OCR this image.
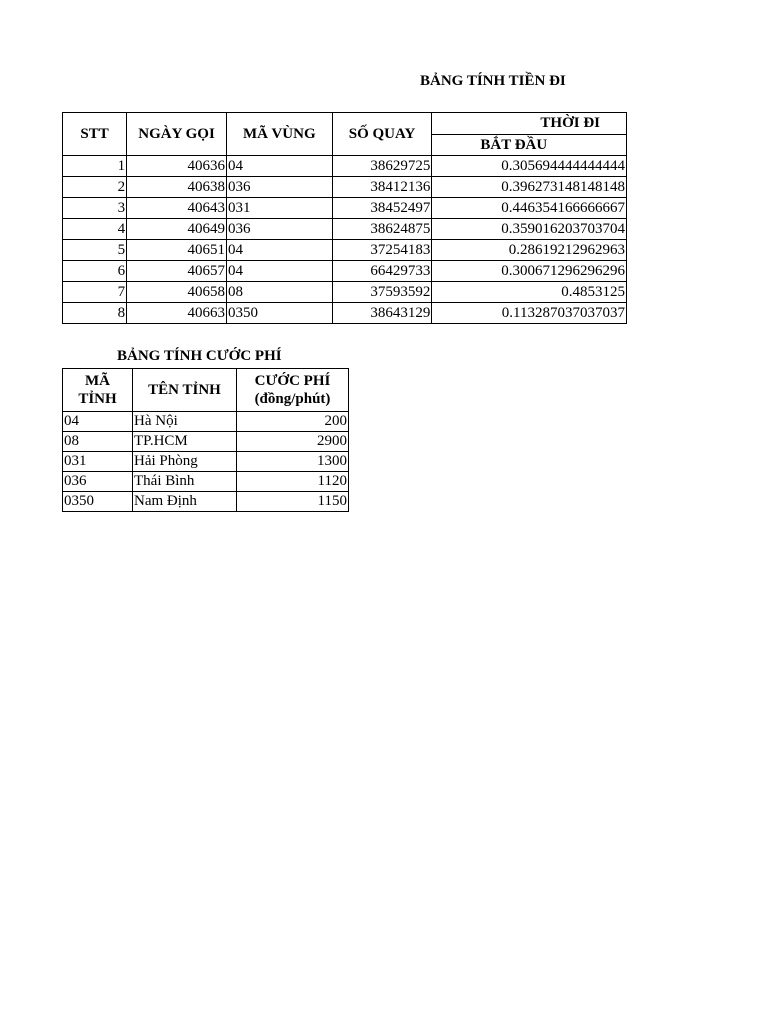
BẢNG TÍNH TIỀN ĐI
STT	NGÀY GỌI	MÃ VÙNG	SỐ QUAY	THỜI ĐI
				BẮT ĐẦU
1	40636	04	38629725	0.305694444444444
2	40638	036	38412136	0.396273148148148
3	40643	031	38452497	0.446354166666667
4	40649	036	38624875	0.359016203703704
5	40651	04	37254183	0.28619212962963
6	40657	04	66429733	0.300671296296296
7	40658	08	37593592	0.4853125
8	40663	0350	38643129	0.113287037037037
BẢNG TÍNH CƯỚC PHÍ
MÃ
TỈNH	TÊN TỈNH	CƯỚC PHÍ
(đồng/phút)
04	Hà Nội	200
08	TP.HCM	2900
031	Hải Phòng	1300
036	Thái Bình	1120
0350	Nam Định	1150
